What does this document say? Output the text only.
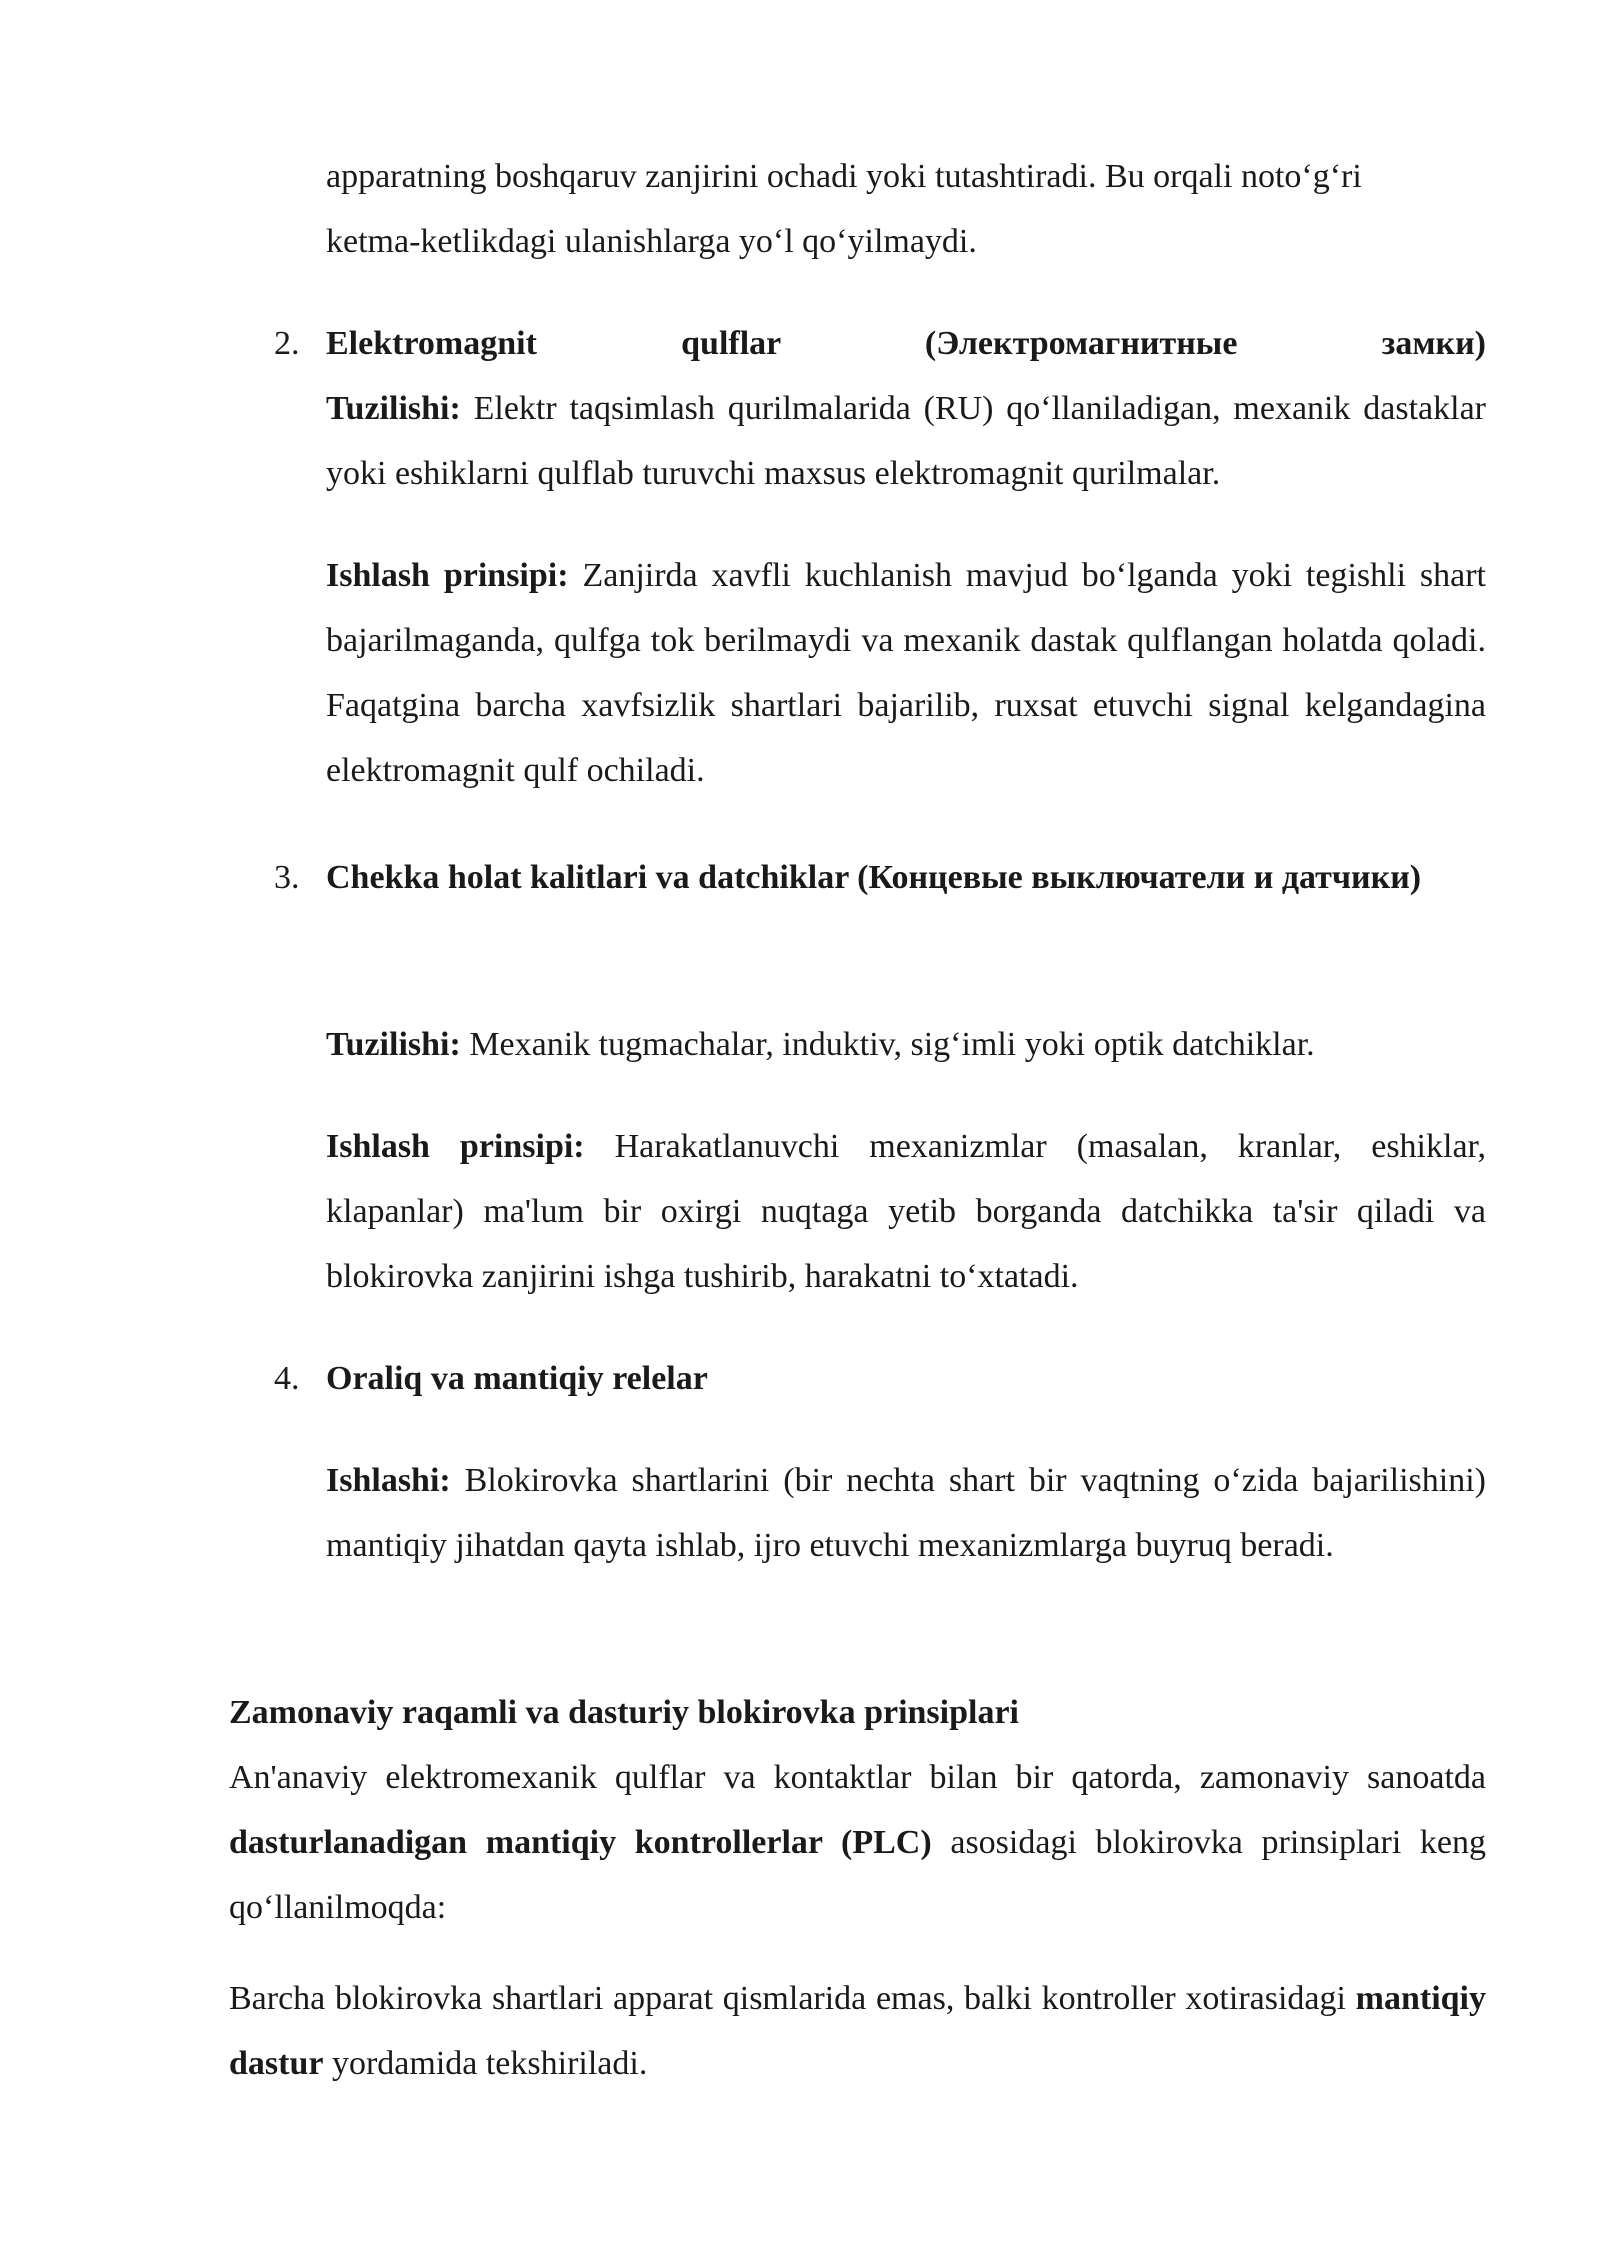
apparatning boshqaruv zanjirini ochadi yoki tutashtiradi. Bu orqali noto‘g‘ri
ketma-ketlikdagi ulanishlarga yo‘l qo‘yilmaydi.
2. Elektromagnit qulflar (Электромагнитные замки)
Tuzilishi: Elektr taqsimlash qurilmalarida (RU) qo‘llaniladigan, mexanik dastaklar yoki eshiklarni qulflab turuvchi maxsus elektromagnit qurilmalar.
Ishlash prinsipi: Zanjirda xavfli kuchlanish mavjud bo‘lganda yoki tegishli shart bajarilmaganda, qulfga tok berilmaydi va mexanik dastak qulflangan holatda qoladi. Faqatgina barcha xavfsizlik shartlari bajarilib, ruxsat etuvchi signal kelgandagina elektromagnit qulf ochiladi.
3. Chekka holat kalitlari va datchiklar (Концевые выключатели и датчики)
Tuzilishi: Mexanik tugmachalar, induktiv, sig‘imli yoki optik datchiklar.
Ishlash prinsipi: Harakatlanuvchi mexanizmlar (masalan, kranlar, eshiklar, klapanlar) ma'lum bir oxirgi nuqtaga yetib borganda datchikka ta'sir qiladi va blokirovka zanjirini ishga tushirib, harakatni to‘xtatadi.
4. Oraliq va mantiqiy relelar
Ishlashi: Blokirovka shartlarini (bir nechta shart bir vaqtning o‘zida bajarilishini) mantiqiy jihatdan qayta ishlab, ijro etuvchi mexanizmlarga buyruq beradi.
Zamonaviy raqamli va dasturiy blokirovka prinsiplari
An'anaviy elektromexanik qulflar va kontaktlar bilan bir qatorda, zamonaviy sanoatda dasturlanadigan mantiqiy kontrollerlar (PLC) asosidagi blokirovka prinsiplari keng qo‘llanilmoqda:
Barcha blokirovka shartlari apparat qismlarida emas, balki kontroller xotirasidagi mantiqiy dastur yordamida tekshiriladi.
